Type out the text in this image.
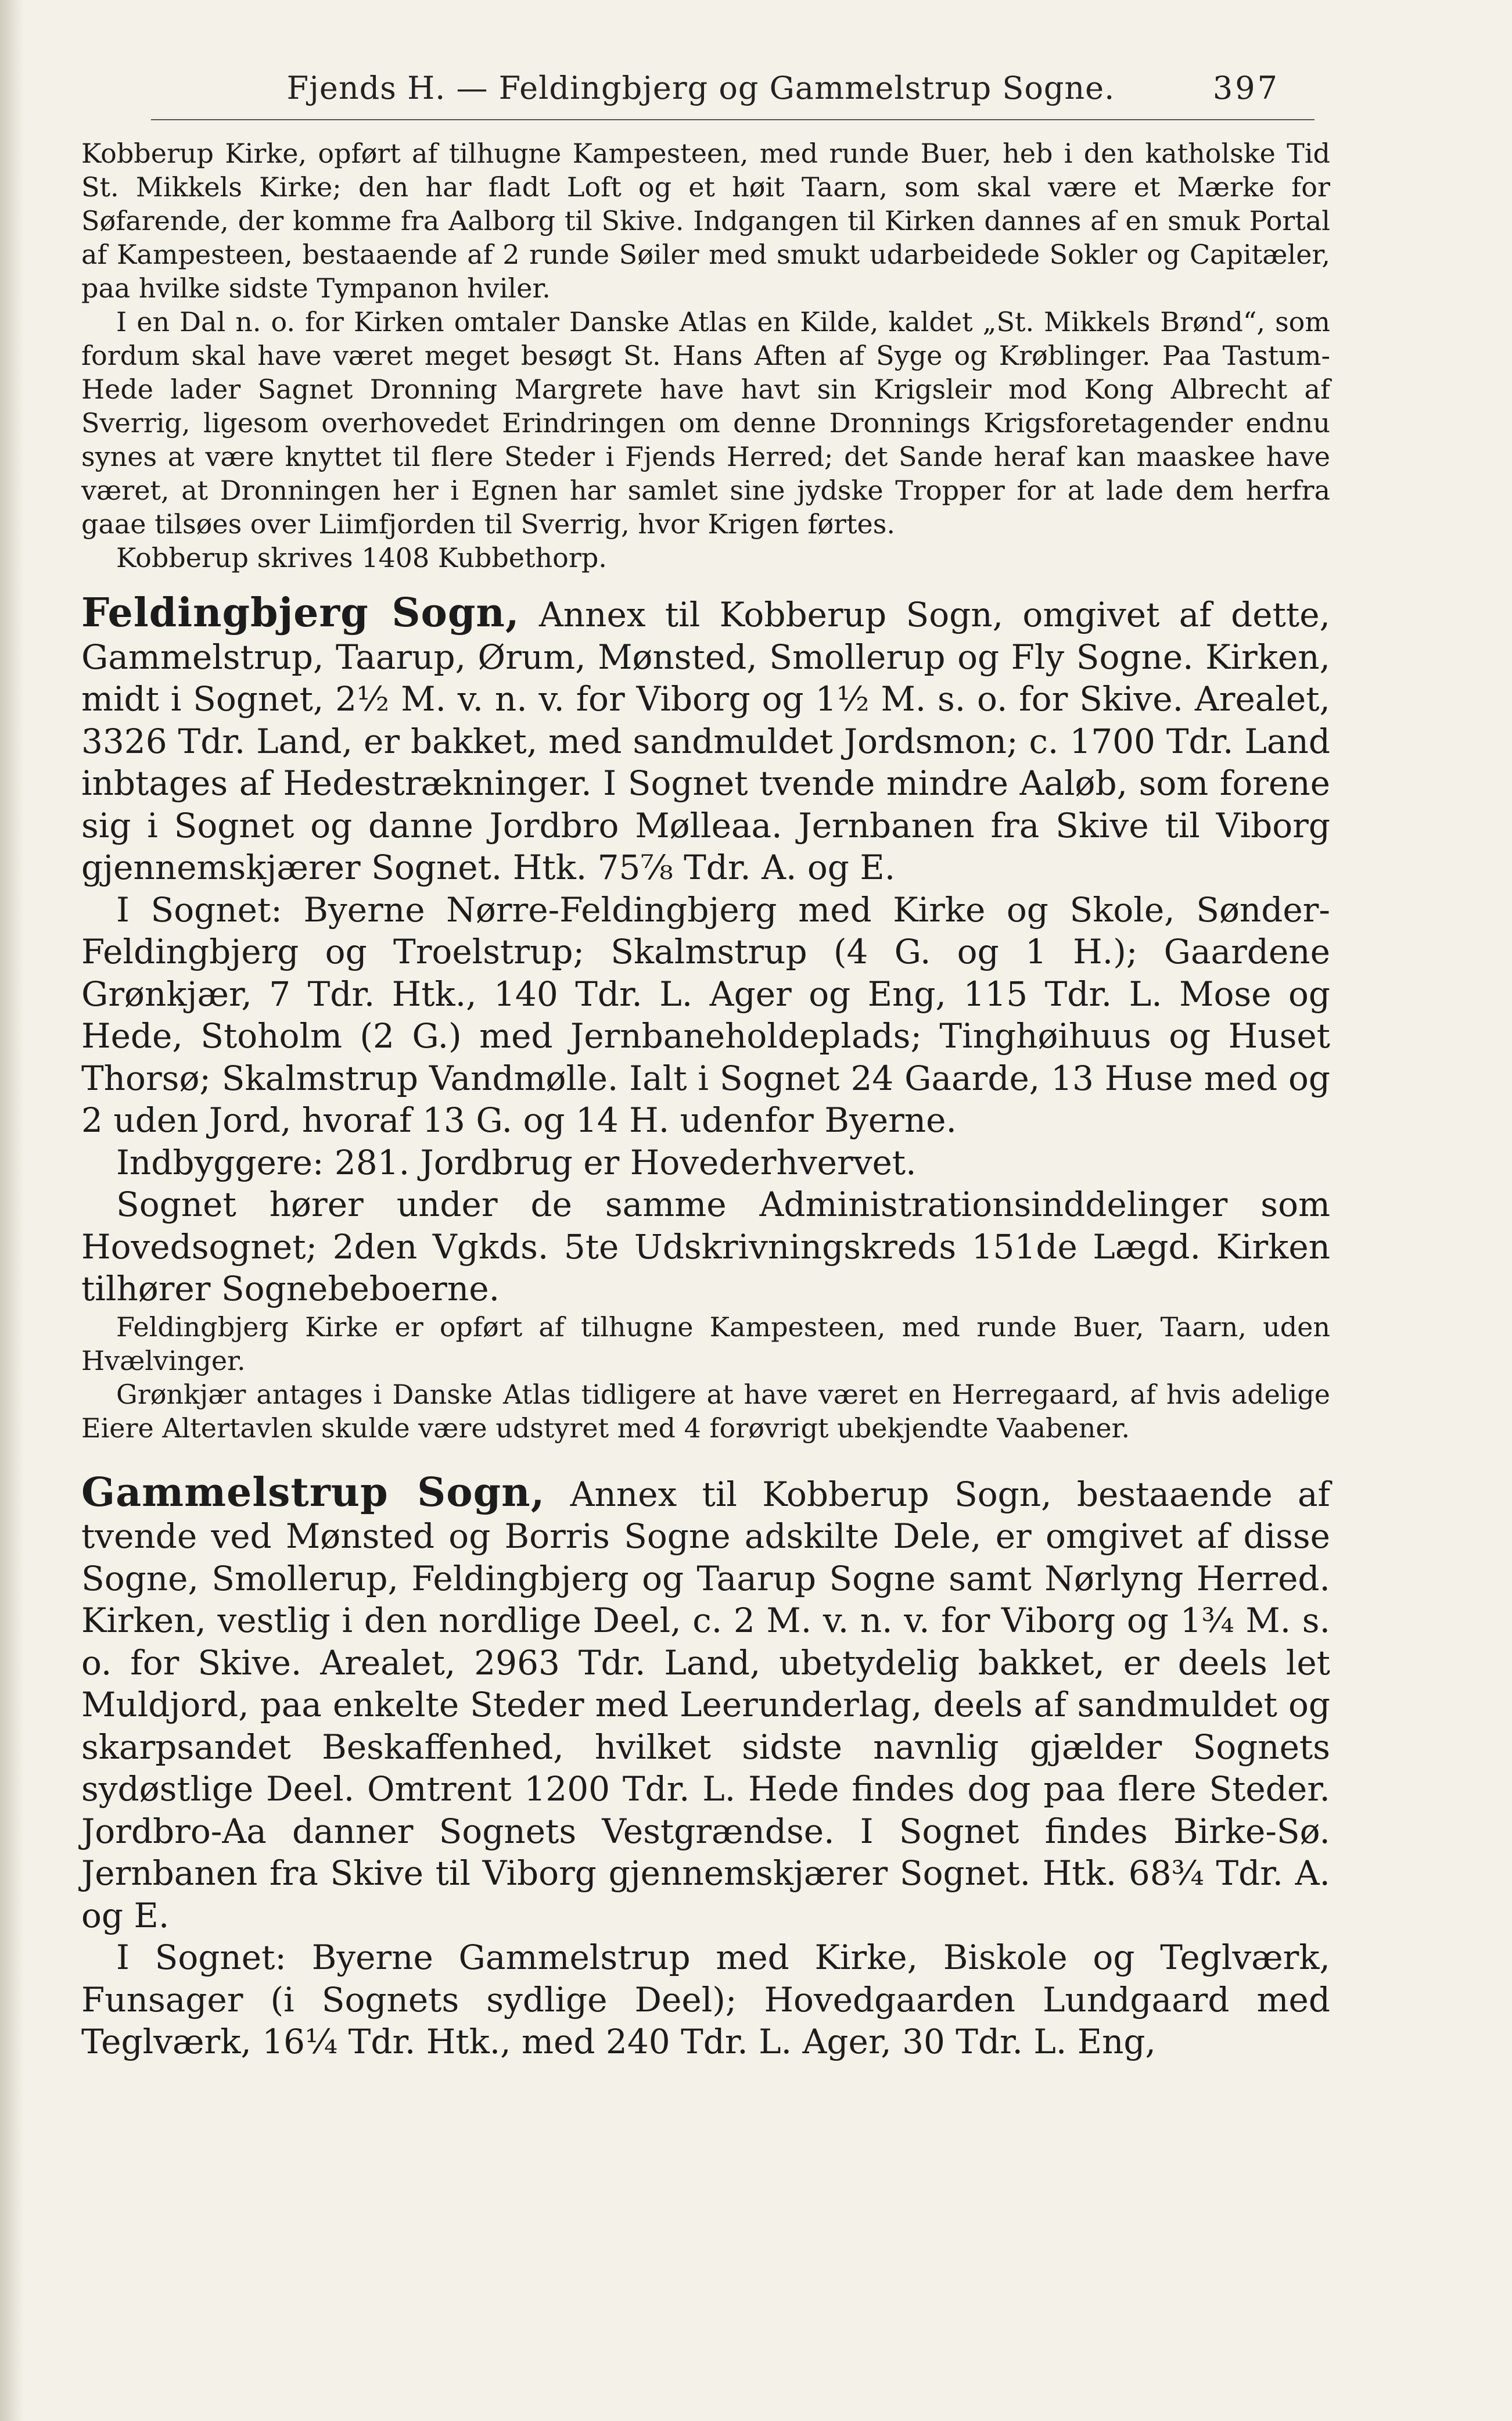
Fjends H. — Feldingbjerg og Gammelstrup Sogne.	397

Kobberup Kirke, opført af tilhugne Kampesteen, med runde Buer, heb i den katholske Tid St. Mikkels Kirke; den har fladt Loft og et høit Taarn, som skal være et Mærke for Søfarende, der komme fra Aalborg til Skive. Indgangen til Kirken dannes af en smuk Portal af Kampesteen, bestaaende af 2 runde Søiler med smukt udarbeidede Sokler og Capitæler, paa hvilke sidste Tympanon hviler.

I en Dal n. o. for Kirken omtaler Danske Atlas en Kilde, kaldet „St. Mikkels Brønd“, som fordum skal have været meget besøgt St. Hans Aften af Syge og Krøblinger. Paa Tastum-Hede lader Sagnet Dronning Margrete have havt sin Krigsleir mod Kong Albrecht af Sverrig, ligesom overhovedet Erindringen om denne Dronnings Krigsforetagender endnu synes at være knyttet til flere Steder i Fjends Herred; det Sande heraf kan maaskee have været, at Dronningen her i Egnen har samlet sine jydske Tropper for at lade dem herfra gaae tilsøes over Liimfjorden til Sverrig, hvor Krigen førtes.

Kobberup skrives 1408 Kubbethorp.

Feldingbjerg Sogn, Annex til Kobberup Sogn, omgivet af dette, Gammelstrup, Taarup, Ørum, Mønsted, Smollerup og Fly Sogne. Kirken, midt i Sognet, 2½ M. v. n. v. for Viborg og 1½ M. s. o. for Skive. Arealet, 3326 Tdr. Land, er bakket, med sandmuldet Jordsmon; c. 1700 Tdr. Land inbtages af Hedestrækninger. I Sognet tvende mindre Aaløb, som forene sig i Sognet og danne Jordbro Mølleaa. Jernbanen fra Skive til Viborg gjennemskjærer Sognet. Htk. 75⅞ Tdr. A. og E.

I Sognet: Byerne Nørre-Feldingbjerg med Kirke og Skole, Sønder-Feldingbjerg og Troelstrup; Skalmstrup (4 G. og 1 H.); Gaardene Grønkjær, 7 Tdr. Htk., 140 Tdr. L. Ager og Eng, 115 Tdr. L. Mose og Hede, Stoholm (2 G.) med Jernbaneholdeplads; Tinghøihuus og Huset Thorsø; Skalmstrup Vandmølle. Ialt i Sognet 24 Gaarde, 13 Huse med og 2 uden Jord, hvoraf 13 G. og 14 H. udenfor Byerne.

Indbyggere: 281. Jordbrug er Hovederhvervet.

Sognet hører under de samme Administrationsinddelinger som Hovedsognet; 2den Vgkds. 5te Udskrivningskreds 151de Lægd. Kirken tilhører Sognebeboerne.

Feldingbjerg Kirke er opført af tilhugne Kampesteen, med runde Buer, Taarn, uden Hvælvinger.

Grønkjær antages i Danske Atlas tidligere at have været en Herregaard, af hvis adelige Eiere Altertavlen skulde være udstyret med 4 forøvrigt ubekjendte Vaabener.

Gammelstrup Sogn, Annex til Kobberup Sogn, bestaaende af tvende ved Mønsted og Borris Sogne adskilte Dele, er omgivet af disse Sogne, Smollerup, Feldingbjerg og Taarup Sogne samt Nørlyng Herred. Kirken, vestlig i den nordlige Deel, c. 2 M. v. n. v. for Viborg og 1¾ M. s. o. for Skive. Arealet, 2963 Tdr. Land, ubetydelig bakket, er deels let Muldjord, paa enkelte Steder med Leerunderlag, deels af sandmuldet og skarpsandet Beskaffenhed, hvilket sidste navnlig gjælder Sognets sydøstlige Deel. Omtrent 1200 Tdr. L. Hede findes dog paa flere Steder. Jordbro-Aa danner Sognets Vestgrændse. I Sognet findes Birke-Sø. Jernbanen fra Skive til Viborg gjennemskjærer Sognet. Htk. 68¾ Tdr. A. og E.

I Sognet: Byerne Gammelstrup med Kirke, Biskole og Teglværk, Funsager (i Sognets sydlige Deel); Hovedgaarden Lundgaard med Teglværk, 16¼ Tdr. Htk., med 240 Tdr. L. Ager, 30 Tdr. L. Eng,
